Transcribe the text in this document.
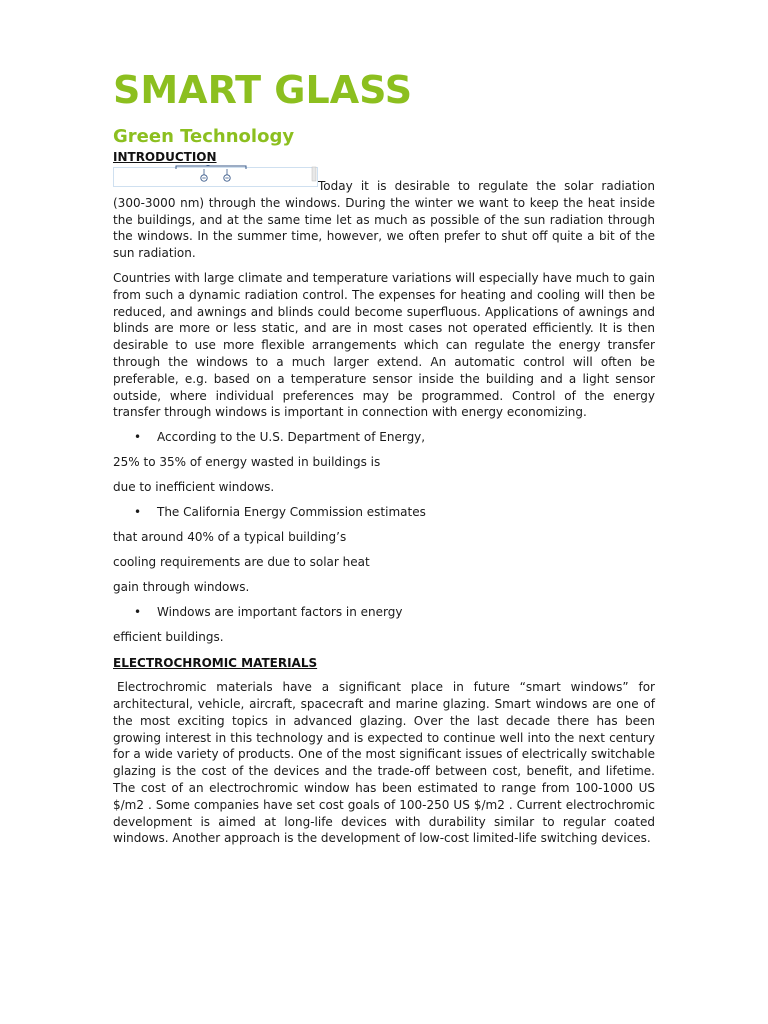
SMART GLASS
Green Technology
INTRODUCTION

Today it is desirable to regulate the solar radiation (300-3000 nm) through the windows. During the winter we want to keep the heat inside the buildings, and at the same time let as much as possible of the sun radiation through the windows. In the summer time, however, we often prefer to shut off quite a bit of the sun radiation.

Countries with large climate and temperature variations will especially have much to gain from such a dynamic radiation control. The expenses for heating and cooling will then be reduced, and awnings and blinds could become superfluous. Applications of awnings and blinds are more or less static, and are in most cases not operated efficiently. It is then desirable to use more flexible arrangements which can regulate the energy transfer through the windows to a much larger extend. An automatic control will often be preferable, e.g. based on a temperature sensor inside the building and a light sensor outside, where individual preferences may be programmed. Control of the energy transfer through windows is important in connection with energy economizing.

• According to the U.S. Department of Energy,
25% to 35% of energy wasted in buildings is
due to inefficient windows.
• The California Energy Commission estimates
that around 40% of a typical building’s
cooling requirements are due to solar heat
gain through windows.
• Windows are important factors in energy
efficient buildings.
ELECTROCHROMIC MATERIALS

Electrochromic materials have a significant place in future “smart windows” for architectural, vehicle, aircraft, spacecraft and marine glazing. Smart windows are one of the most exciting topics in advanced glazing. Over the last decade there has been growing interest in this technology and is expected to continue well into the next century for a wide variety of products. One of the most significant issues of electrically switchable glazing is the cost of the devices and the trade-off between cost, benefit, and lifetime. The cost of an electrochromic window has been estimated to range from 100-1000 US $/m2 . Some companies have set cost goals of 100-250 US $/m2 . Current electrochromic development is aimed at long-life devices with durability similar to regular coated windows. Another approach is the development of low-cost limited-life switching devices.
